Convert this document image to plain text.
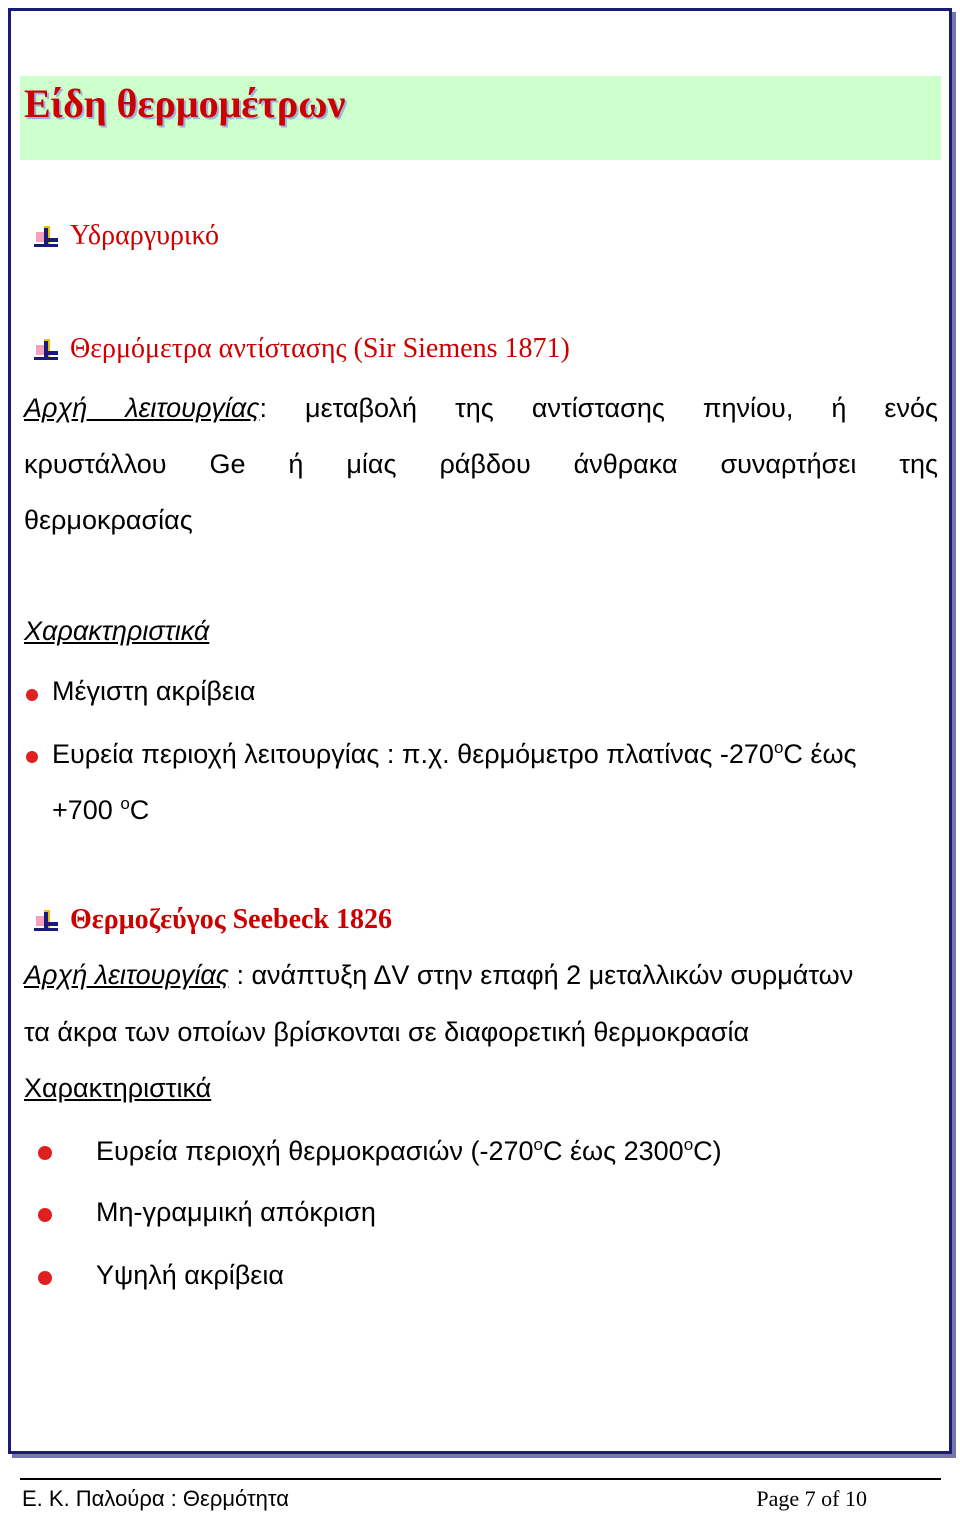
Είδη θερμομέτρων
Υδραργυρικό
Θερμόμετρα αντίστασης (Sir Siemens 1871)
Αρχή λειτουργίας: μεταβολή της αντίστασης πηνίου, ή ενός
κρυστάλλου Ge ή μίας ράβδου άνθρακα συναρτήσει της
θερμοκρασίας
Χαρακτηριστικά
Μέγιστη ακρίβεια
Ευρεία περιοχή λειτουργίας : π.χ. θερμόμετρο πλατίνας $-270^oC$ έως
+700 $^o$C
Θερμοζεύγος Seebeck 1826
Αρχή λειτουργίας : ανάπτυξη ΔV στην επαφή 2 μεταλλικών συρμάτων
τα άκρα των οποίων βρίσκονται σε διαφορετική θερμοκρασία
Χαρακτηριστικά
Ευρεία περιοχή θερμοκρασιών ($-270^oC$ έως $2300^oC$)
Μη-γραμμική απόκριση
Υψηλή ακρίβεια
Ε. Κ. Παλούρα : Θερμότητα	Page 7 of 10
